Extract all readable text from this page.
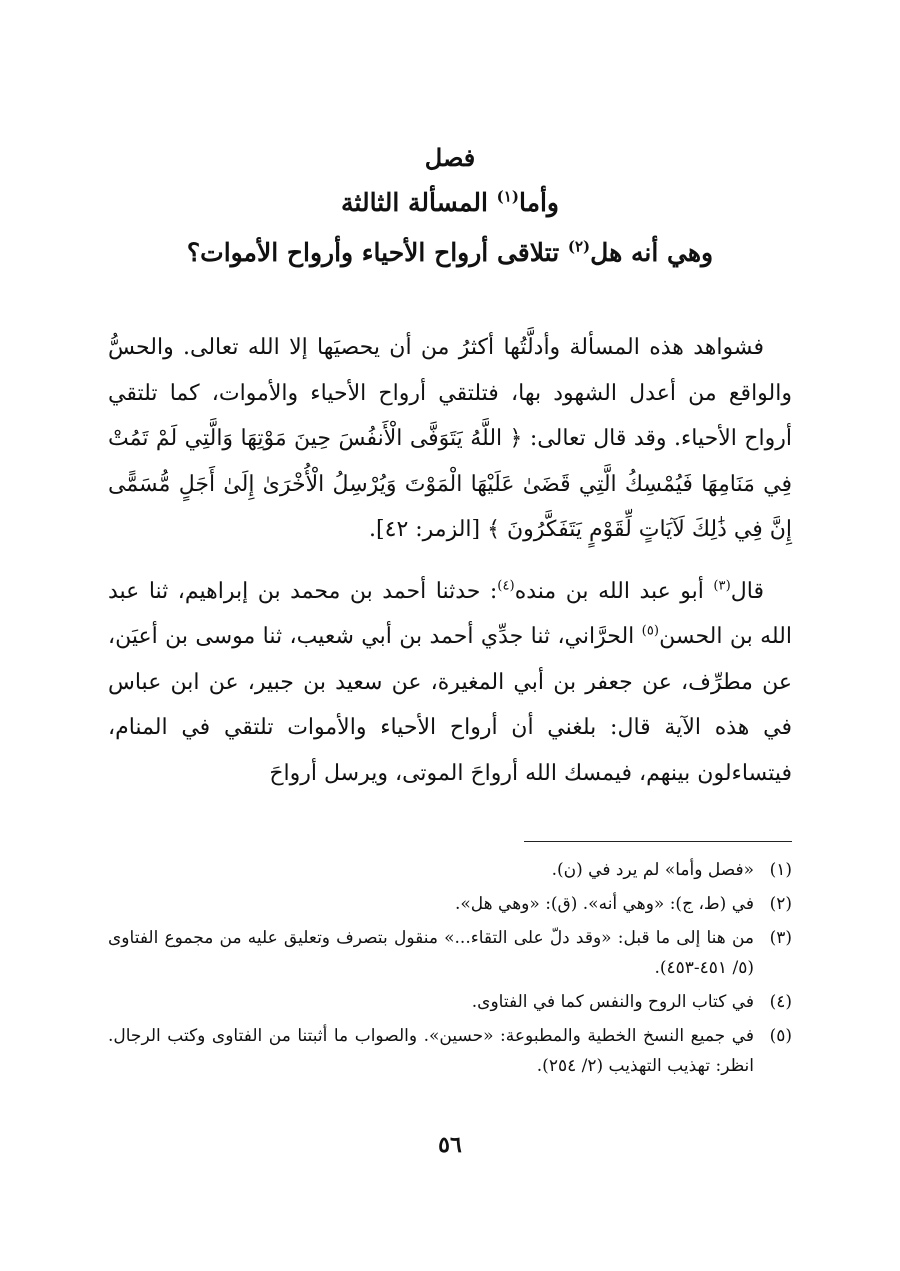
فصل
وأما$^{(١)}$ المسألة الثالثة
وهي أنه هل$^{(٢)}$ تتلاقى أرواح الأحياء وأرواح الأموات؟

فشواهد هذه المسألة وأدلَّتُها أكثرُ من أن يحصيَها إلا الله تعالى. والحسُّ والواقع من أعدل الشهود بها، فتلتقي أرواح الأحياء والأموات، كما تلتقي أرواح الأحياء. وقد قال تعالى: ﴿ اللَّهُ يَتَوَفَّى الْأَنفُسَ حِينَ مَوْتِهَا وَالَّتِي لَمْ تَمُتْ فِي مَنَامِهَا فَيُمْسِكُ الَّتِي قَضَىٰ عَلَيْهَا الْمَوْتَ وَيُرْسِلُ الْأُخْرَىٰ إِلَىٰ أَجَلٍ مُّسَمًّى إِنَّ فِي ذَٰلِكَ لَآيَاتٍ لِّقَوْمٍ يَتَفَكَّرُونَ ﴾ [الزمر: ٤٢].

قال$^{(٣)}$ أبو عبد الله بن منده$^{(٤)}$: حدثنا أحمد بن محمد بن إبراهيم، ثنا عبد الله بن الحسن$^{(٥)}$ الحرَّاني، ثنا جدِّي أحمد بن أبي شعيب، ثنا موسى بن أعيَن، عن مطرِّف، عن جعفر بن أبي المغيرة، عن سعيد بن جبير، عن ابن عباس في هذه الآية قال: بلغني أن أرواح الأحياء والأموات تلتقي في المنام، فيتساءلون بينهم، فيمسك الله أرواحَ الموتى، ويرسل أرواحَ

(١)
«فصل وأما» لم يرد في (ن).
(٢)
في (ط، ج): «وهي أنه». (ق): «وهي هل».
(٣)
من هنا إلى ما قبل: «وقد دلّ على التقاء...» منقول بتصرف وتعليق عليه من مجموع الفتاوى (٥/ ٤٥١-٤٥٣).
(٤)
في كتاب الروح والنفس كما في الفتاوى.
(٥)
في جميع النسخ الخطية والمطبوعة: «حسين». والصواب ما أثبتنا من الفتاوى وكتب الرجال. انظر: تهذيب التهذيب (٢/ ٢٥٤).
٥٦
